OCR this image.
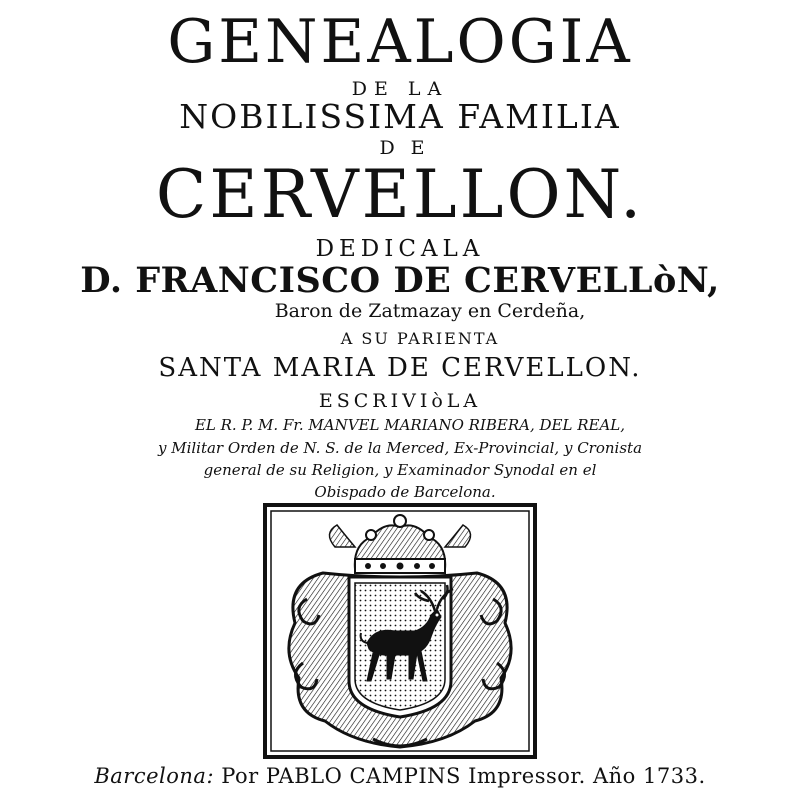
GENEALOGIA
DE LA
NOBILISSIMA FAMILIA
DE
CERVELLON.
DEDICALA
D. FRANCISCO DE CERVELLòN,
Baron de Zatmazay en Cerdeña,
A SU PARIENTA
SANTA MARIA DE CERVELLON.
ESCRIVIòLA
EL R. P. M. Fr. MANVEL MARIANO RIBERA, DEL REAL,
y Militar Orden de N. S. de la Merced, Ex-Provincial, y Cronista
general de su Religion, y Examinador Synodal en el
Obispado de Barcelona.
Barcelona: Por PABLO CAMPINS Impressor. Año 1733.
